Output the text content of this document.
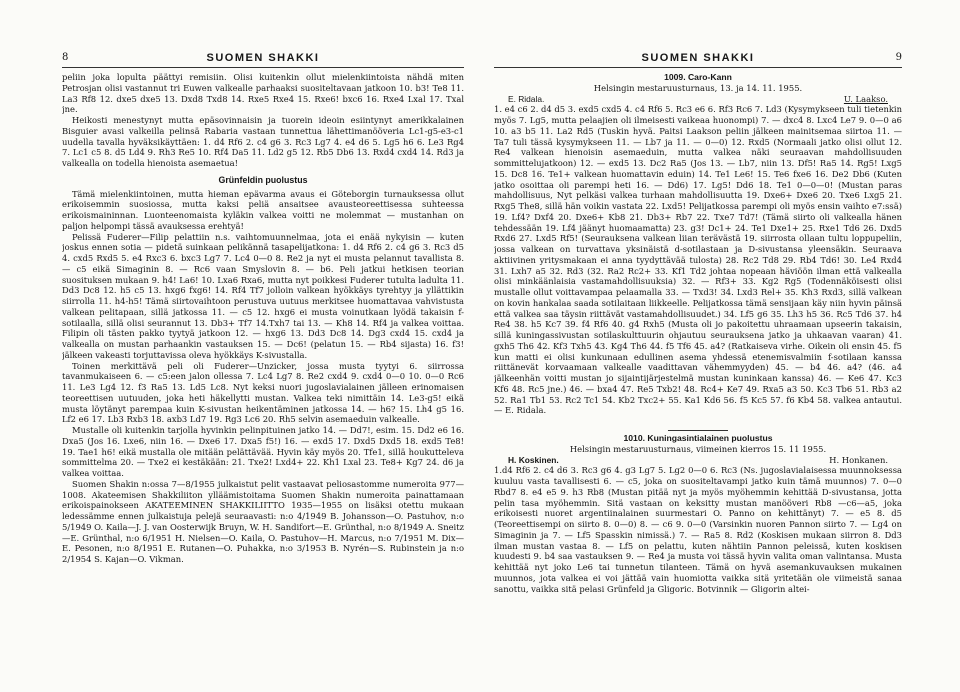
8	SUOMEN SHAKKI

peliin joka lopulta päättyi remisiin. Olisi kuitenkin ollut mielenkiintoista nähdä miten Petrosjan olisi vastannut tri Euwen valkealle parhaaksi suositeltavaan jatkoon 10. b3! Te8 11. La3 Rf8 12. dxe5 dxe5 13. Dxd8 Txd8 14. Rxe5 Rxe4 15. Rxe6! bxc6 16. Rxe4 Lxal 17. Txal jne.

Heikosti menestynyt mutta epäsovinnaisin ja tuorein ideoin esiintynyt amerikkalainen Bisguier avasi valkeilla pelinsä Rabaria vastaan tunnettua lähettimanööveria Lc1-g5-e3-c1 uudella tavalla hyväksikäyttäen: 1. d4 Rf6 2. c4 g6 3. Rc3 Lg7 4. e4 d6 5. Lg5 h6 6. Le3 Rg4 7. Lc1 c5 8. d5 Ld4 9. Rh3 Re5 10. Rf4 Da5 11. Ld2 g5 12. Rb5 Db6 13. Rxd4 cxd4 14. Rd3 ja valkealla on todella hienoista asemaetua!

Grünfeldin puolustus

Tämä mielenkiintoinen, mutta hieman epävarma avaus ei Göteborgin turnauksessa ollut erikoisemmin suosiossa, mutta kaksi peliä ansaitsee avausteoreettisessa suhteessa erikoismaininnan. Luonteenomaista kyläkin valkea voitti ne molemmat — mustanhan on paljon helpompi tässä avauksessa erehtyä!

Pelissä Fuderer—Filip pelattiin n.s. vaihtomuunnelmaa, jota ei enää nykyisin — kuten joskus ennen sotia — pidetä suinkaan pelikännä tasapelijatkona: 1. d4 Rf6 2. c4 g6 3. Rc3 d5 4. cxd5 Rxd5 5. e4 Rxc3 6. bxc3 Lg7 7. Lc4 0—0 8. Re2 ja nyt ei musta pelannut tavallista 8. — c5 eikä Simaginin 8. — Rc6 vaan Smyslovin 8. — b6. Peli jatkui hetkisen teorian suosituksen mukaan 9. h4! La6! 10. Lxa6 Rxa6, mutta nyt poikkesi Fuderer tutulta ladulta 11. Dd3 Dc8 12. h5 c5 13. hxg6 fxg6! 14. Rf4 Tf7 jolloin valkean hyökkäys tyrehtyy ja yllättikin siirrolla 11. h4-h5! Tämä siirtovaihtoon perustuva uutuus merkitsee huomattavaa vahvistusta valkean pelitapaan, sillä jatkossa 11. — c5 12. hxg6 ei musta voinutkaan lyödä takaisin f-sotilaalla, sillä olisi seurannut 13. Db3+ Tf7 14.Txh7 tai 13. — Kh8 14. Rf4 ja valkea voittaa. Filipin oli tästen pakko tyytyä jatkoon 12. — hxg6 13. Dd3 Dc8 14. Dg3 cxd4 15. cxd4 ja valkealla on mustan parhaankin vastauksen 15. — Dc6! (pelatun 15. — Rb4 sijasta) 16. f3! jälkeen vakeasti torjuttavissa oleva hyökkäys K-sivustalla.

Toinen merkittävä peli oli Fuderer—Unzicker, jossa musta tyytyi 6. siirrossa tavanmukaiseen 6. — c5:een jalon ollessa 7. Lc4 Lg7 8. Re2 cxd4 9. cxd4 0—0 10. 0—0 Rc6 11. Le3 Lg4 12. f3 Ra5 13. Ld5 Lc8. Nyt keksi nuori jugoslavialainen jälleen erinomaisen teoreettisen uutuuden, joka heti häkellytti mustan. Valkea teki nimittäin 14. Le3-g5! eikä musta löytänyt parempaa kuin K-sivustan heikentäminen jatkossa 14. — h6? 15. Lh4 g5 16. Lf2 e6 17. Lb3 Rxb3 18. axb3 Ld7 19. Rg3 Lc6 20. Rh5 selvin asemaeduin valkealle.

Mustalle oli kuitenkin tarjolla hyvinkin pelinpituinen jatko 14. — Dd7!, esim. 15. Dd2 e6 16. Dxa5 (Jos 16. Lxe6, niin 16. — Dxe6 17. Dxa5 f5!) 16. — exd5 17. Dxd5 Dxd5 18. exd5 Te8! 19. Tae1 h6! eikä mustalla ole mitään pelättävää. Hyvin käy myös 20. Tfe1, sillä houkutteleva sommittelma 20. — Txe2 ei kestäkään: 21. Txe2! Lxd4+ 22. Kh1 Lxal 23. Te8+ Kg7 24. d6 ja valkea voittaa.

Suomen Shakin n:ossa 7—8/1955 julkaistut pelit vastaavat peliosastomme numeroita 977—1008. Akateemisen Shakkiliiton ylläämistoitama Suomen Shakin numeroita painattamaan erikoispainokseen AKATEEMINEN SHAKKILIITTO 1935—1955 on lisäksi otettu mukaan ledessämme ennen julkaistuja pelejä seuraavasti: n:o 4/1949 B. Johansson—O. Pastuhov, n:o 5/1949 O. Kaila—J. J. van Oosterwijk Bruyn, W. H. Sandifort—E. Grünthal, n:o 8/1949 A. Sneitz—E. Grünthal, n:o 6/1951 H. Nielsen—O. Kaila, O. Pastuhov—H. Marcus, n:o 7/1951 M. Dix—E. Pesonen, n:o 8/1951 E. Rutanen—O. Puhakka, n:o 3/1953 B. Nyrén—S. Rubinstein ja n:o 2/1954 S. Kajan—O. Vikman.

SUOMEN SHAKKI	9
1009. Caro-Kann
Helsingin mestaruusturnaus, 13. ja 14. 11. 1955.
E. Ridala.	U. Laakso.

1. e4 c6 2. d4 d5 3. exd5 cxd5 4. c4 Rf6 5. Rc3 e6 6. Rf3 Rc6 7. Ld3 (Kysymykseen tuli tietenkin myös 7. Lg5, mutta pelaajien oli ilmeisesti vaikeaa huonompi) 7. — dxc4 8. Lxc4 Le7 9. 0—0 a6 10. a3 b5 11. La2 Rd5 (Tuskin hyvä. Paitsi Laakson peliin jälkeen mainitsemaa siirtoa 11. — Ta7 tuli tässä kysymykseen 11. — Lb7 ja 11. — 0—0) 12. Rxd5 (Normaali jatko olisi ollut 12. Re4 valkean hienoisin asemaeduin, mutta valkea näki seuraavan mahdollisuuden sommittelujatkoon) 12. — exd5 13. Dc2 Ra5 (Jos 13. — Lb7, niin 13. Df5! Ra5 14. Rg5! Lxg5 15. Dc8 16. Te1+ valkean huomattavin eduin) 14. Te1 Le6! 15. Te6 fxe6 16. De2 Db6 (Kuten jatko osoittaa oli parempi heti 16. — Dd6) 17. Lg5! Dd6 18. Te1 0—0—0! (Mustan paras mahdollisuus, Nyt pelkäsi valkea turhaan mahdollisuutta 19. Dxe6+ Dxe6 20. Txe6 Lxg5 21. Rxg5 The8, sillä hän voikin vastata 22. Lxd5! Pelijatkossa parempi oli myös ensin vaihto e7:ssä) 19. Lf4? Dxf4 20. Dxe6+ Kb8 21. Db3+ Rb7 22. Txe7 Td7! (Tämä siirto oli valkealla hänen tehdessään 19. Lf4 jäänyt huomaamatta) 23. g3! Dc1+ 24. Te1 Dxe1+ 25. Rxe1 Td6 26. Dxd5 Rxd6 27. Lxd5 Rf5! (Seurauksena valkean liian terävästä 19. siirrosta ollaan tultu loppupeliin, jossa valkean on turvattava yksinäistä d-sotilastaan ja D-sivustansa yleensäkin. Seuraava aktiivinen yritysmakaan ei anna tyydyttävää tulosta) 28. Rc2 Td8 29. Rb4 Td6! 30. Le4 Rxd4 31. Lxh7 a5 32. Rd3 (32. Ra2 Rc2+ 33. Kf1 Td2 johtaa nopeaan häviöön ilman että valkealla olisi minkäänlaisia vastamahdollisuuksia) 32. — Rf3+ 33. Kg2 Rg5 (Todennäköisesti olisi mustalle ollut voittavampaa pelaamalla 33. — Txd3! 34. Lxd3 Rel+ 35. Kh3 Rxd3, sillä valkean on kovin hankalaa saada sotilaitaan liikkeelle. Pelijatkossa tämä sensijaan käy niin hyvin päinsä että valkea saa täysin riittävät vastamahdollisuudet.) 34. Lf5 g6 35. Lh3 h5 36. Rc5 Td6 37. h4 Re4 38. h5 Kc7 39. f4 Rf6 40. g4 Rxh5 (Musta oli jo pakoitettu uhraamaan upseerin takaisin, sillä kuningassivustan sotilaskulttuurin ohjautuu seurauksena jatko ja uhkaavan vaaran) 41. gxh5 Th6 42. Kf3 Txh5 43. Kg4 Th6 44. f5 Tf6 45. a4? (Ratkaiseva virhe. Oikein oli ensin 45. f5 kun matti ei olisi kunkunaan edullinen asema yhdessä etenemisvalmiin f-sotilaan kanssa riittänevät korvaamaan valkealle vaadittavan vähemmyyden) 45. — b4 46. a4? (46. a4 jälkeenhän voitti mustan jo sijaintijärjestelmä mustan kuninkaan kanssa) 46. — Ke6 47. Kc3 Kf6 48. Rc5 jne.) 46. — bxa4 47. Re5 Txb2! 48. Rc4+ Ke7 49. Rxa5 a3 50. Kc3 Tb6 51. Rb3 a2 52. Ra1 Tb1 53. Rc2 Tc1 54. Kb2 Txc2+ 55. Ka1 Kd6 56. f5 Kc5 57. f6 Kb4 58. valkea antautui. — E. Ridala.

1010. Kuningasintialainen puolustus
Helsingin mestaruusturnaus, viimeinen kierros 15. 11 1955.
H. Koskinen.	H. Honkanen.

1.d4 Rf6 2. c4 d6 3. Rc3 g6 4. g3 Lg7 5. Lg2 0—0 6. Rc3 (Ns. jugoslavialaisessa muunnoksessa kuuluu vasta tavallisesti 6. — c5, joka on suositeltavampi jatko kuin tämä muunnos) 7. 0—0 Rbd7 8. e4 e5 9. h3 Rb8 (Mustan pitää nyt ja myös myöhemmin kehittää D-sivustansa, jotta pelin tasa myöhemmin. Sitä vastaan on keksitty mustan manööveri Rb8 —c6—a5, joka erikoisesti nuoret argentiinalainen suurmestari O. Panno on kehittänyt) 7. — e5 8. d5 (Teoreettisempi on siirto 8. 0—0) 8. — c6 9. 0—0 (Varsinkin nuoren Pannon siirto 7. — Lg4 on Simaginin ja 7. — Lf5 Spasskin nimissä.) 7. — Ra5 8. Rd2 (Koskisen mukaan siirron 8. Dd3 ilman mustan vastaa 8. — Lf5 on pelattu, kuten nähtiin Pannon peleissä, kuten koskisen kuudesti 9. b4 saa vastauksen 9. — Re4 ja musta voi tässä hyvin valita oman valintansa. Musta kehittää nyt joko Le6 tai tunnetun tilanteen. Tämä on hyvä asemankuvauksen mukainen muunnos, jota valkea ei voi jättää vain huomiotta vaikka sitä yritetään ole viimeistä sanaa sanottu, vaikka sitä pelasi Grünfeld ja Gligoric. Botvinnik — Gligorin altei-
